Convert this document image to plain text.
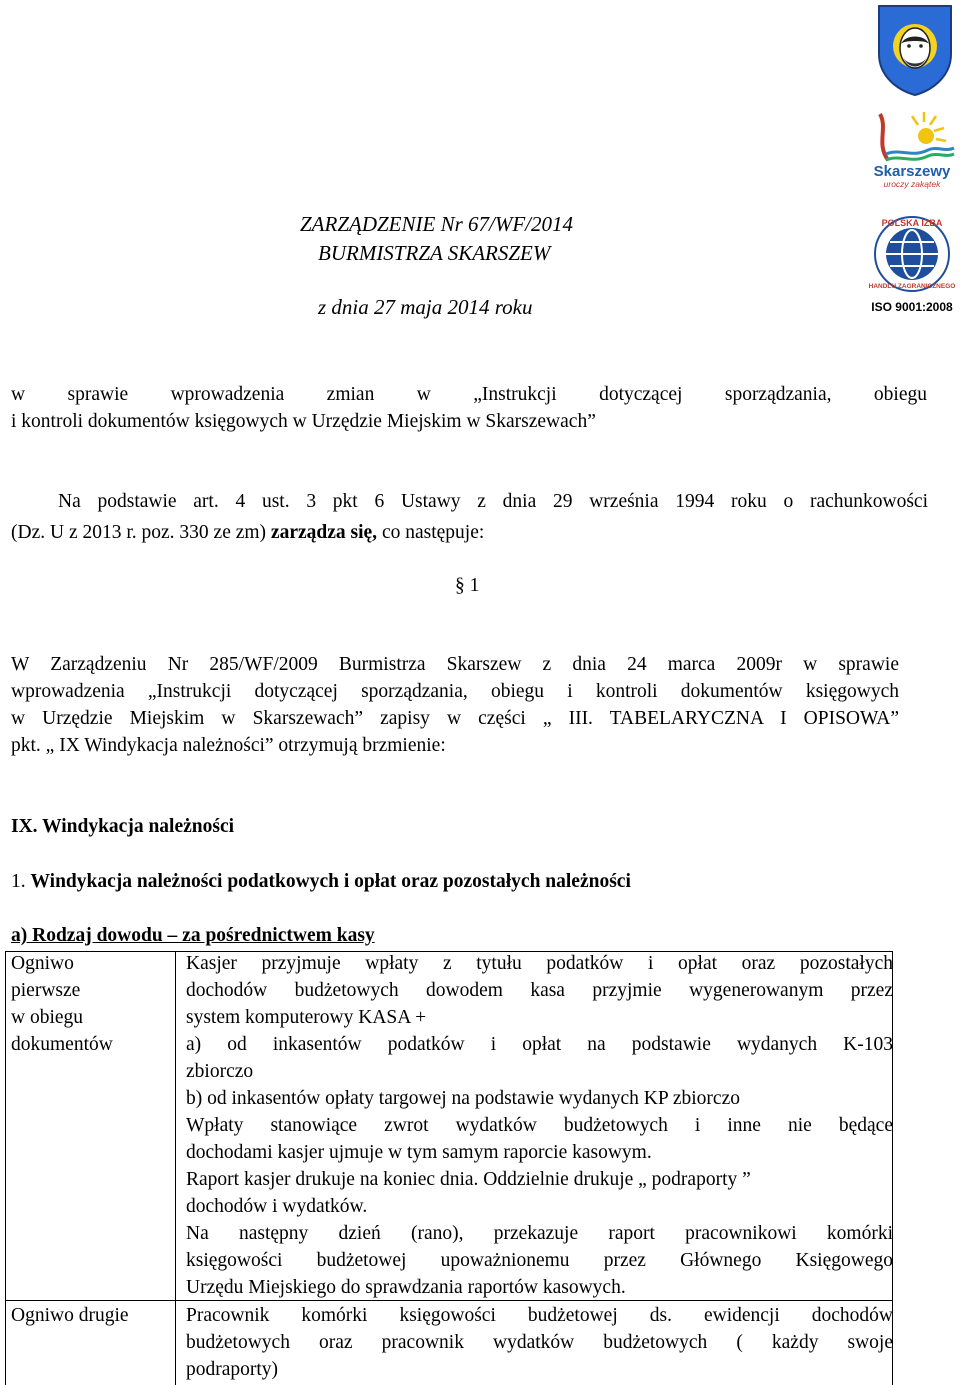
Skarszewy
uroczy zakątek
POLSKA IZBA
HANDLU ZAGRANICZNEGO
ISO 9001:2008
ZARZĄDZENIE Nr 67/WF/2014
BURMISTRZA SKARSZEW
z dnia 27 maja 2014 roku
w sprawie wprowadzenia zmian w „Instrukcji dotyczącej sporządzania, obiegu
i kontroli dokumentów księgowych w Urzędzie Miejskim w Skarszewach”
Na podstawie art. 4 ust. 3 pkt 6 Ustawy z dnia 29 września 1994 roku o rachunkowości
(Dz. U z 2013 r. poz. 330 ze zm) zarządza się, co następuje:
§ 1
W Zarządzeniu Nr 285/WF/2009 Burmistrza Skarszew z dnia 24 marca 2009r w sprawie
wprowadzenia „Instrukcji dotyczącej sporządzania, obiegu i kontroli dokumentów księgowych
w Urzędzie Miejskim w Skarszewach” zapisy w części „ III. TABELARYCZNA I OPISOWA”
pkt. „ IX Windykacja należności” otrzymują brzmienie:
IX. Windykacja należności
1. Windykacja należności podatkowych i opłat oraz pozostałych należności
a) Rodzaj dowodu – za pośrednictwem kasy
Ogniwo
pierwsze
w obiegu
dokumentów
Kasjer przyjmuje wpłaty z tytułu podatków i opłat oraz pozostałych
dochodów budżetowych dowodem kasa przyjmie wygenerowanym przez
system komputerowy KASA +
a) od inkasentów podatków i opłat na podstawie wydanych K-103
zbiorczo
b) od inkasentów opłaty targowej na podstawie wydanych KP zbiorczo
Wpłaty stanowiące zwrot wydatków budżetowych i inne nie będące
dochodami kasjer ujmuje w tym samym raporcie kasowym.
Raport kasjer drukuje na koniec dnia. Oddzielnie drukuje „ podraporty ”
dochodów i wydatków.
Na następny dzień (rano), przekazuje raport pracownikowi komórki
księgowości budżetowej upoważnionemu przez Głównego Księgowego
Urzędu Miejskiego do sprawdzania raportów kasowych.
Ogniwo drugie	Pracownik komórki księgowości budżetowej ds. ewidencji dochodów
budżetowych oraz pracownik wydatków budżetowych ( każdy swoje
podraporty)
